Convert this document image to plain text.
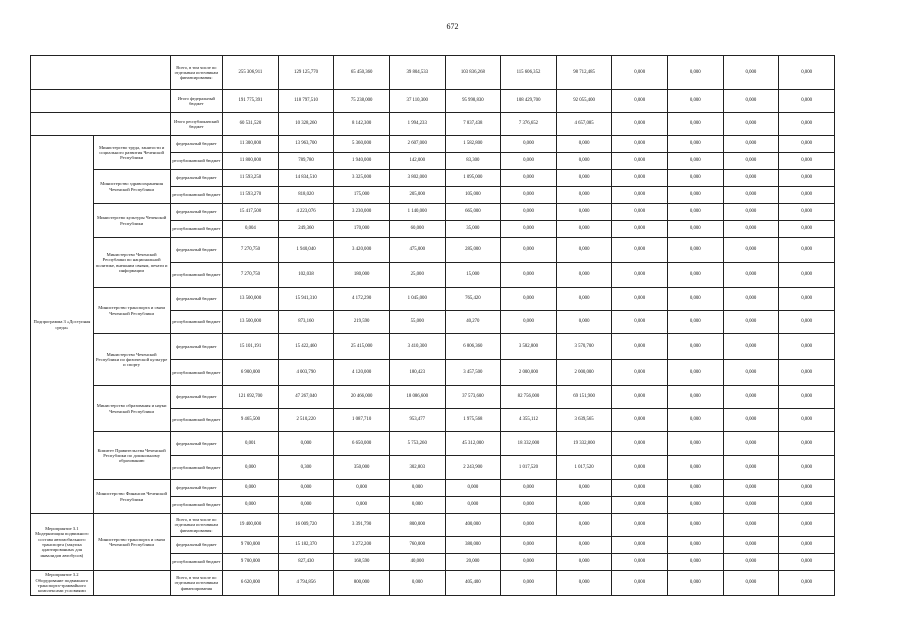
672
		Всего, в том числе по отдельным источникам финансирования:	255 306,911	129 125,770	65 450,360	39 804,533	103 836,268	115 606,352	98 712,485	0,000	0,000	0,000	0,000
		Итого федеральный бюджет	191 775,391	118 797,510	75 238,000	37 110,300	95 998,830	108 429,700	92 055,400	0,000	0,000	0,000	0,000
		Итого республиканский бюджет	60 531,520	10 328,260	8 142,300	1 994,233	7 837,438	7 376,652	4 657,085	0,000	0,000	0,000	0,000
Подпрограмма 3 «Доступная среда»	Министерство труда, занятости и социального развития Чеченской Республики	федеральный бюджет	11 300,000	13 963,700	5 360,000	2 607,000	1 582,800	0,000	0,000	0,000	0,000	0,000	0,000
		республиканский бюджет	11 800,000	789,780	1 940,000	142,000	83,300	0,000	0,000	0,000	0,000	0,000	0,000
	Министерство здравоохранения Чеченской Республики	федеральный бюджет	11 593,250	14 834,510	3 325,000	3 802,000	1 095,000	0,000	0,000	0,000	0,000	0,000	0,000
		республиканский бюджет	11 593,270	818,020	175,000	205,000	105,000	0,000	0,000	0,000	0,000	0,000	0,000
	Министерство культуры Чеченской Республики	федеральный бюджет	15 417,500	4 223,076	3 230,000	1 140,000	665,000	0,000	0,000	0,000	0,000	0,000	0,000
		республиканский бюджет	0,004	249,360	170,000	60,000	35,000	0,000	0,000	0,000	0,000	0,000	0,000
	Министерство Чеченской Республики по национальной политике, внешним связям, печати и информации	федеральный бюджет	7 270,750	1 940,040	3 420,000	475,000	285,000	0,000	0,000	0,000	0,000	0,000	0,000
		республиканский бюджет	7 270,750	102,038	180,000	25,000	15,000	0,000	0,000	0,000	0,000	0,000	0,000
	Министерство транспорта и связи Чеченской Республики	федеральный бюджет	13 500,000	15 941,310	4 172,290	1 045,000	765,420	0,000	0,000	0,000	0,000	0,000	0,000
		республиканский бюджет	13 500,000	873,160	219,590	55,000	40,270	0,000	0,000	0,000	0,000	0,000	0,000
	Министерство Чеченской Республики по физической культуре и спорту	федеральный бюджет	15 101,191	15 422,460	25 415,000	3 410,300	6 806,360	3 582,800	3 570,700	0,000	0,000	0,000	0,000
		республиканский бюджет	6 900,000	4 003,790	4 120,000	180,423	3 457,500	2 000,000	2 000,000	0,000	0,000	0,000	0,000
	Министерство образования и науки Чеченской Республики	федеральный бюджет	121 692,700	47 267,040	20 466,000	18 086,600	37 573,600	82 756,000	69 151,900	0,000	0,000	0,000	0,000
		республиканский бюджет	9 465,500	2 510,220	1 087,710	953,477	1 975,568	4 355,112	3 639,565	0,000	0,000	0,000	0,000
	Комитет Правительства Чеченской Республики по дошкольному образованию	федеральный бюджет	0,001	0,000	6 650,000	5 753,260	45 312,000	18 332,000	19 332,800	0,000	0,000	0,000	0,000
		республиканский бюджет	0,000	0,300	350,000	302,803	2 243,900	1 017,520	1 017,520	0,000	0,000	0,000	0,000
	Министерство Финансов Чеченской Республики	федеральный бюджет	0,000	0,000	0,000	0,000	0,000	0,000	0,000	0,000	0,000	0,000	0,000
		республиканский бюджет	0,000	0,000	0,000	0,000	0,000	0,000	0,000	0,000	0,000	0,000	0,000
Мероприятие 3.1 Модернизация подвижного состава автомобильного транспорта (закупка адаптированных для инвалидов автобусов)	Министерство транспорта и связи Чеченской Республики	Всего, в том числе по отдельным источникам финансирования:	19 400,000	16 009,720	3 391,790	800,000	400,000	0,000	0,000	0,000	0,000	0,000	0,000
		федеральный бюджет	9 700,000	15 182,370	3 272,200	760,000	380,000	0,000	0,000	0,000	0,000	0,000	0,000
		республиканский бюджет	9 700,000	827,430	168,590	40,000	20,000	0,000	0,000	0,000	0,000	0,000	0,000
Мероприятие 3.2 Оборудование подвижного транспорта-трамвайного комплексами условиями		Всего, в том числе по отдельным источникам финансирования	6 620,000	4 794,856	800,000	0,000	405,400	0,000	0,000	0,000	0,000	0,000	0,000
